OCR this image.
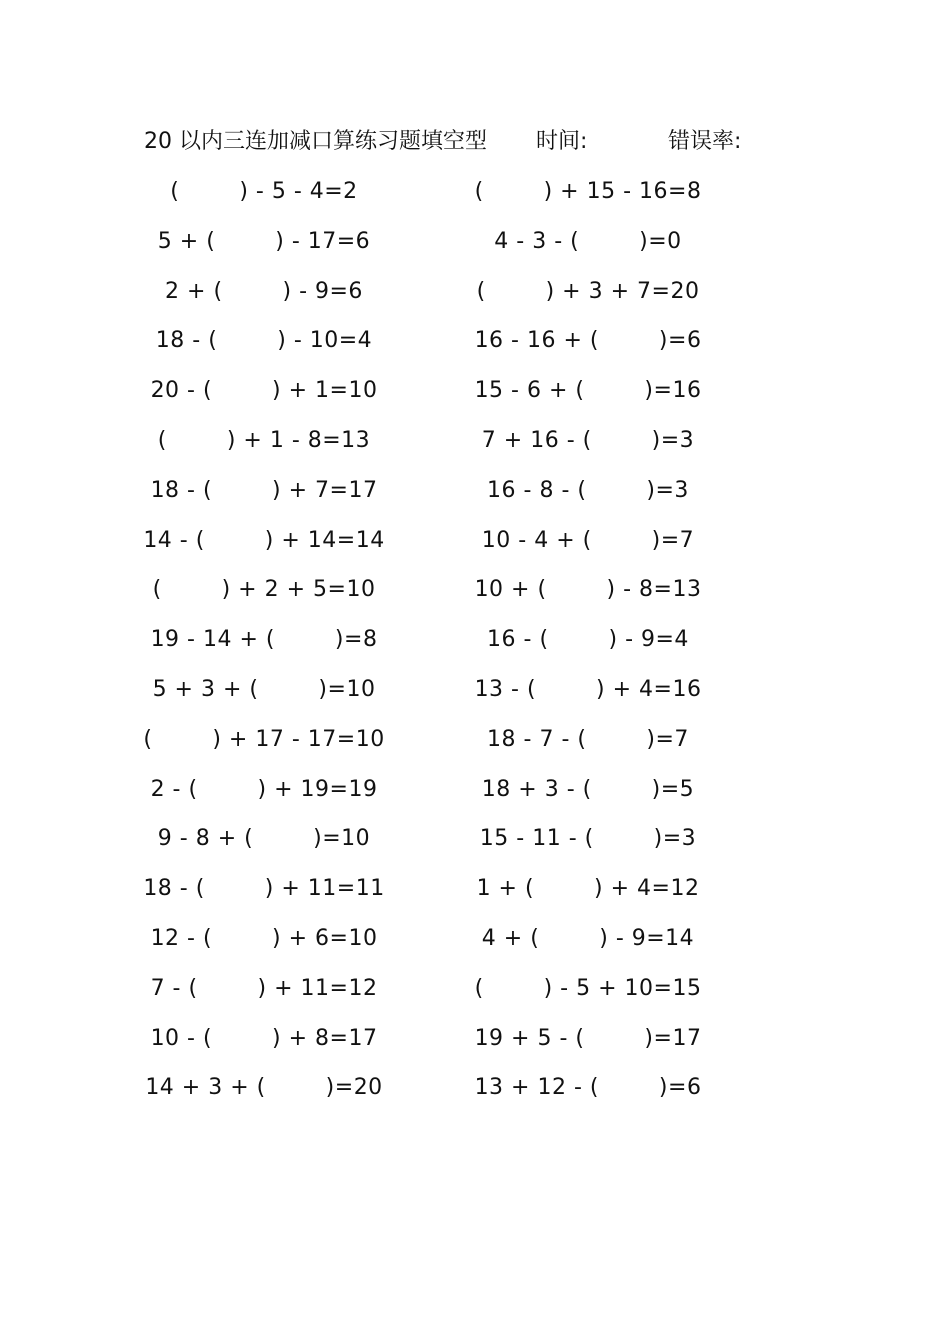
20 以内三连加减口算练习题填空型 时间:	错误率:
(        ) - 5 - 4=2
5 + (        ) - 17=6
2 + (        ) - 9=6
18 - (        ) - 10=4
20 - (        ) + 1=10
(        ) + 1 - 8=13
18 - (        ) + 7=17
14 - (        ) + 14=14
(        ) + 2 + 5=10
19 - 14 + (        )=8
5 + 3 + (        )=10
(        ) + 17 - 17=10
2 - (        ) + 19=19
9 - 8 + (        )=10
18 - (        ) + 11=11
12 - (        ) + 6=10
7 - (        ) + 11=12
10 - (        ) + 8=17
14 + 3 + (        )=20
(        ) + 15 - 16=8
4 - 3 - (        )=0
(        ) + 3 + 7=20
16 - 16 + (        )=6
15 - 6 + (        )=16
7 + 16 - (        )=3
16 - 8 - (        )=3
10 - 4 + (        )=7
10 + (        ) - 8=13
16 - (        ) - 9=4
13 - (        ) + 4=16
18 - 7 - (        )=7
18 + 3 - (        )=5
15 - 11 - (        )=3
1 + (        ) + 4=12
4 + (        ) - 9=14
(        ) - 5 + 10=15
19 + 5 - (        )=17
13 + 12 - (        )=6
